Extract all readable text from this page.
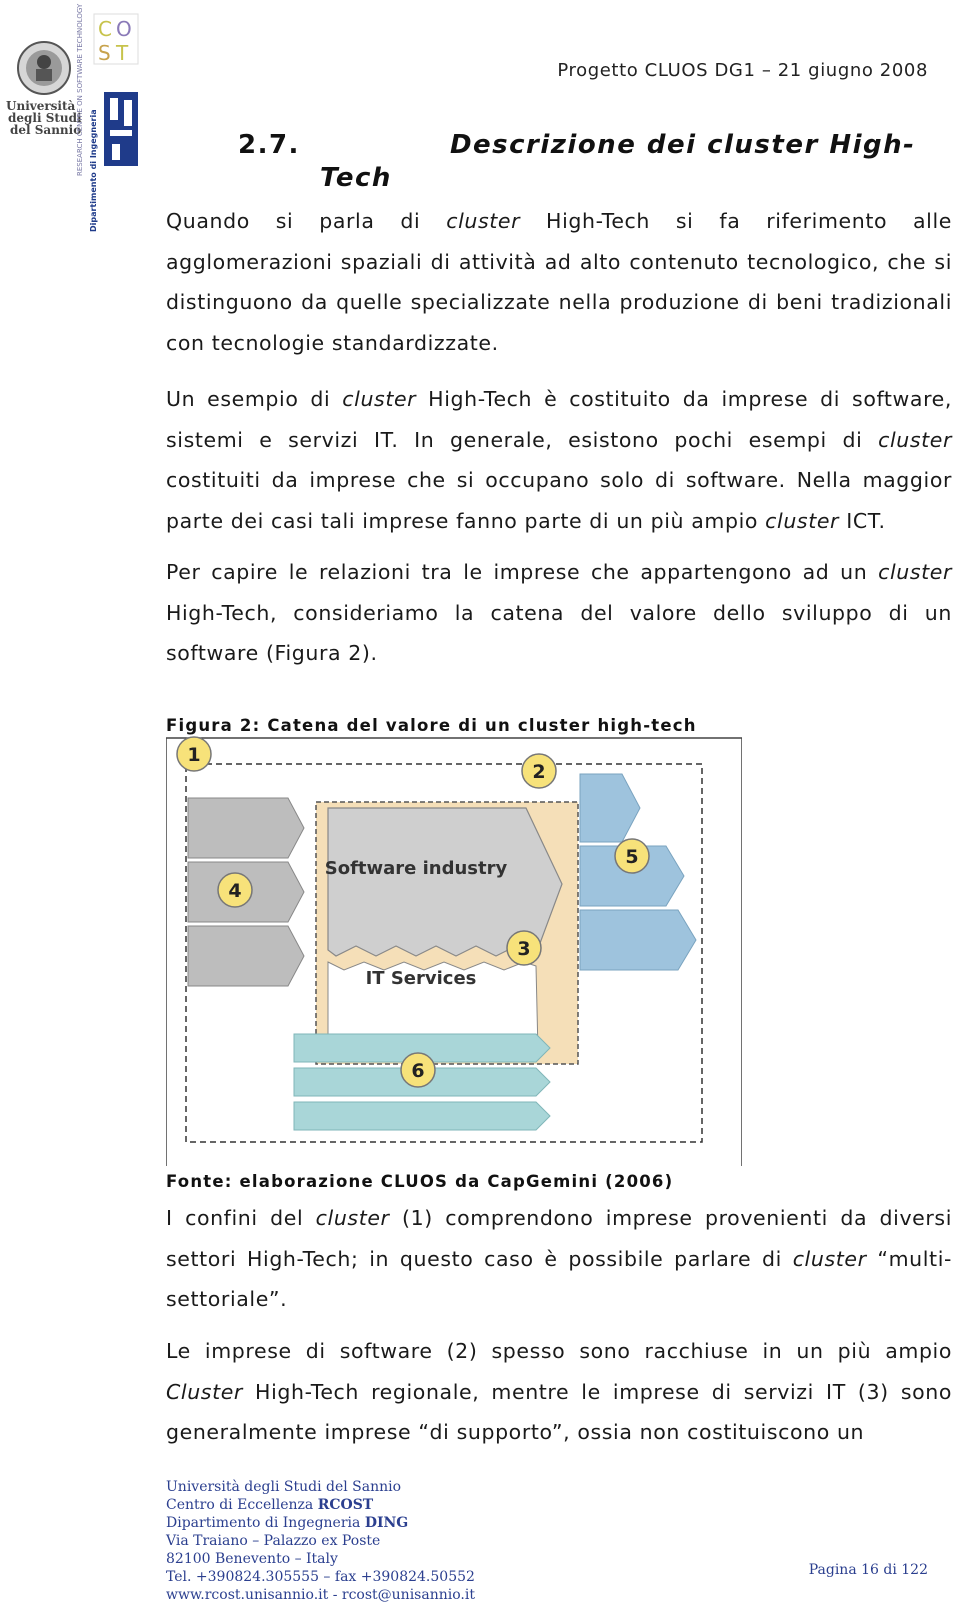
Università
degli Studi
del Sannio
RESEARCH CENTRE ON SOFTWARE TECHNOLOGY C O
S T
Dipartimento di Ingegneria
Progetto CLUOS DG1 – 21 giugno 2008
2.7.	Descrizione dei cluster High-
Tech
Quando si parla di cluster High-Tech si fa riferimento alle agglomerazioni spaziali di attività ad alto contenuto tecnologico, che si distinguono da quelle specializzate nella produzione di beni tradizionali con tecnologie standardizzate.
Un esempio di cluster High-Tech è costituito da imprese di software, sistemi e servizi IT. In generale, esistono pochi esempi di cluster costituiti da imprese che si occupano solo di software. Nella maggior parte dei casi tali imprese fanno parte di un più ampio cluster ICT.
Per capire le relazioni tra le imprese che appartengono ad un cluster High-Tech, consideriamo la catena del valore dello sviluppo di un software (Figura 2).
Figura 2: Catena del valore di un cluster high-tech
Software industry
IT Services
1
2
3
4
5
6
Fonte: elaborazione CLUOS da CapGemini (2006)
I confini del cluster (1) comprendono imprese provenienti da diversi settori High-Tech; in questo caso è possibile parlare di cluster “multi-settoriale”.
Le imprese di software (2) spesso sono racchiuse in un più ampio Cluster High-Tech regionale, mentre le imprese di servizi IT (3) sono generalmente imprese “di supporto”, ossia non costituiscono un
Università degli Studi del Sannio
Centro di Eccellenza RCOST
Dipartimento di Ingegneria DING
Via Traiano – Palazzo ex Poste
82100 Benevento – Italy
Tel. +390824.305555 – fax +390824.50552
www.rcost.unisannio.it - rcost@unisannio.it
Pagina 16 di 122
